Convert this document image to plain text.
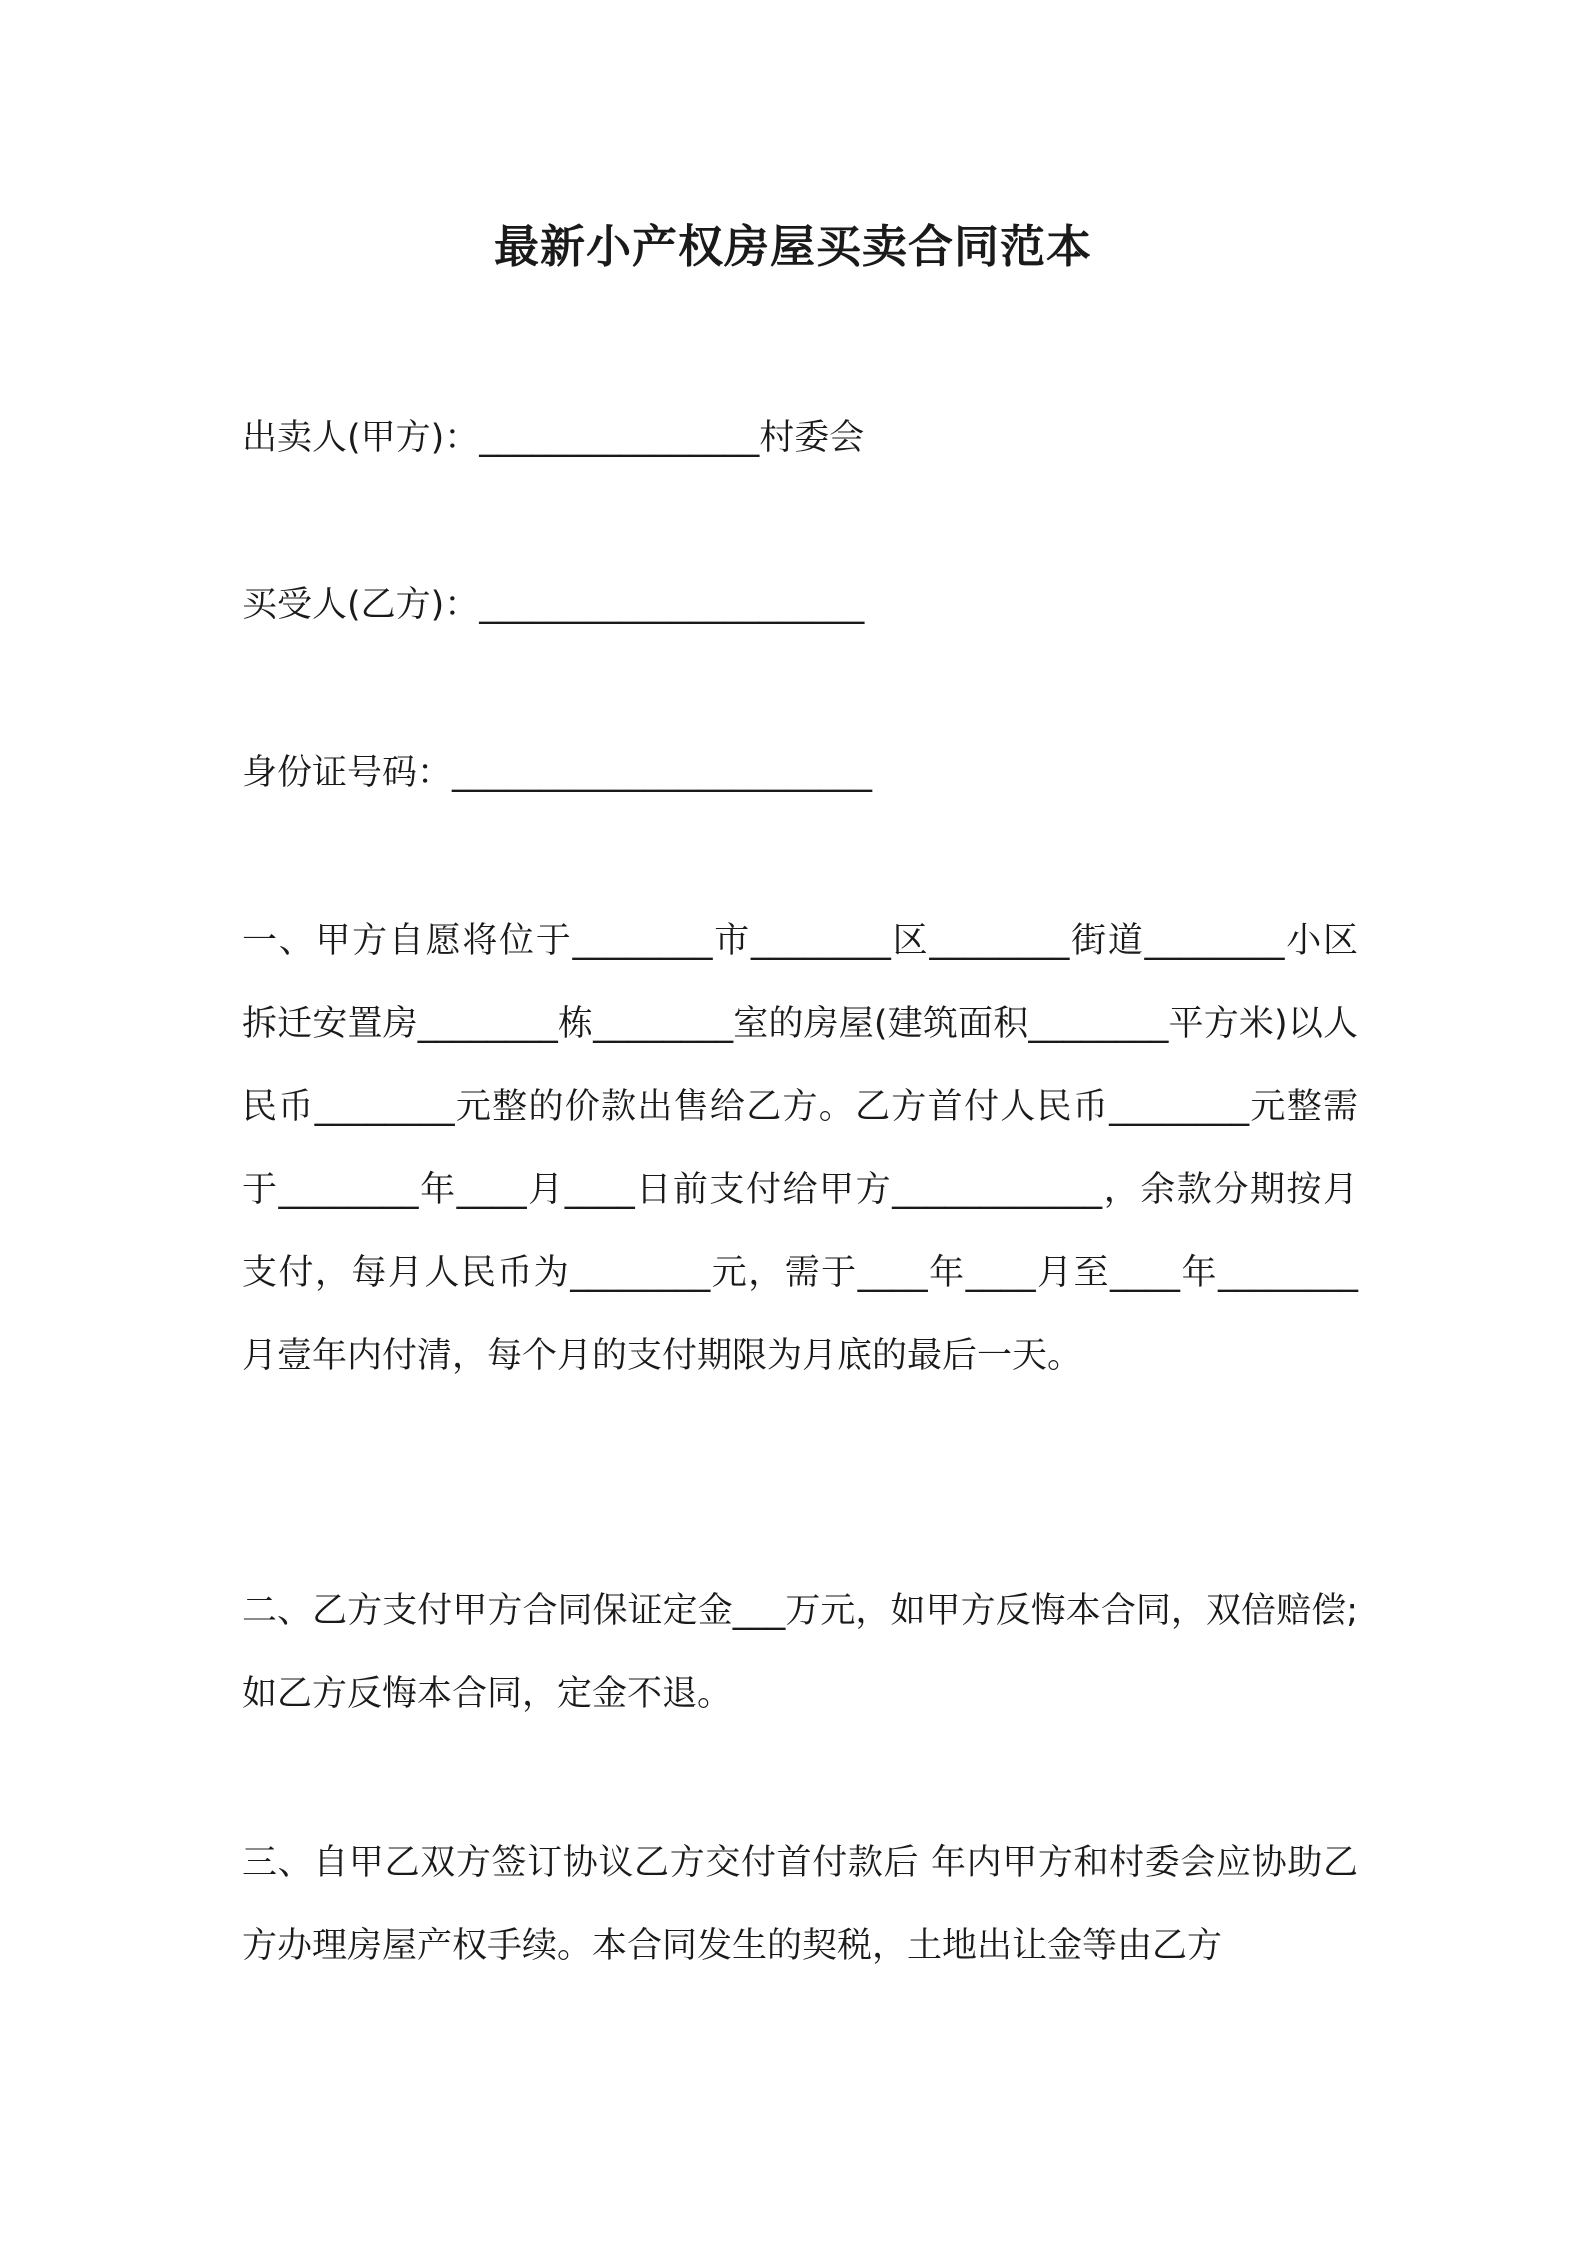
最新小产权房屋买卖合同范本
出卖人(甲方)：________________村委会
买受人(乙方)：______________________
身份证号码：________________________
一、甲方自愿将位于________市________区________街道________小区拆迁安置房________栋________室的房屋(建筑面积________平方米)以人民币________元整的价款出售给乙方。乙方首付人民币________元整需于________年____月____日前支付给甲方____________，余款分期按月支付，每月人民币为________元，需于____年____月至____年________月壹年内付清，每个月的支付期限为月底的最后一天。
二、乙方支付甲方合同保证定金___万元，如甲方反悔本合同，双倍赔偿;如乙方反悔本合同，定金不退。
三、自甲乙双方签订协议乙方交付首付款后 年内甲方和村委会应协助乙方办理房屋产权手续。本合同发生的契税，土地出让金等由乙方
